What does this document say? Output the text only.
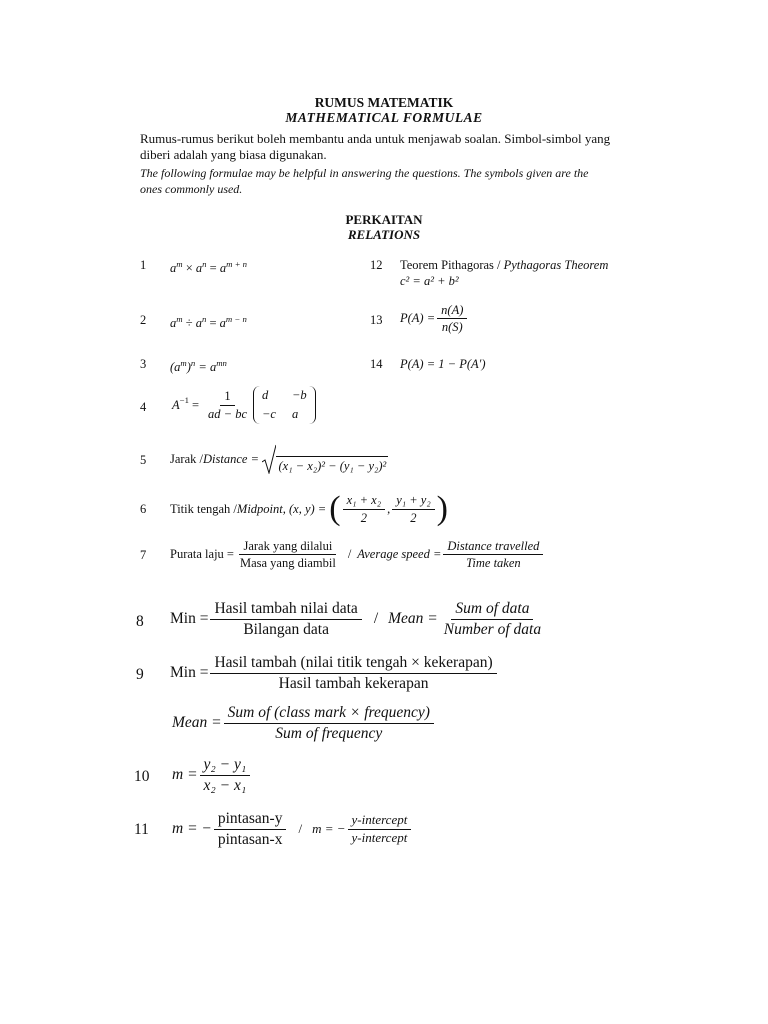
RUMUS MATEMATIK
MATHEMATICAL FORMULAE
Rumus-rumus berikut boleh membantu anda untuk menjawab soalan. Simbol-simbol yang
diberi adalah yang biasa digunakan.
The following formulae may be helpful in answering the questions. The symbols given are the
ones commonly used.
PERKAITAN
RELATIONS
1
2
3
4
5
6
7
8
9
10
11
12
13
14
$a^m \times a^n = a^{m + n}$
$a^m \div a^n = a^{m - n}$
$(a^m)^n = a^{mn}$
$A^{-1} = \frac{1}{ad - bc}$ d	−b
−c a
Jarak / Distance =
(x₁ − x₂)² − (y₁ − y₂)²
Titik tengah / Midpoint , (x, y) = ( $\frac{\text{x₁ + x₂}}{2}$ , $\frac{\text{y₁ + y₂}}{2}$ )
Purata laju = $\frac{\text{Jarak yang dilalui}}{\text{Masa yang diambil}}$ / Average speed = $\frac{\text{Distance travelled}}{\text{Time taken}}$
Min = $\frac{\text{Hasil tambah nilai data}}{\text{Bilangan data}}$ / Mean = $\frac{\text{Sum of data}}{\text{Number of data}}$
Min = $\frac{\text{Hasil tambah (nilai titik tengah × kekerapan)}}{\text{Hasil tambah kekerapan}}$
Mean = $\frac{\text{Sum of (class mark × frequency)}}{\text{Sum of frequency}}$
$m = \frac{\text{y₂ − y₁}}{\text{x₂ − x₁}}$
m = − $\frac{\text{pintasan-y}}{\text{pintasan-x}}$ / m = − $\frac{\text{y-intercept}}{\text{y-intercept}}$
Teorem Pithagoras / Pythagoras Theorem
c² = a² + b²
$P(A) = \frac{n(A)}{n(S)}$
P(A) = 1 − P(A′)
